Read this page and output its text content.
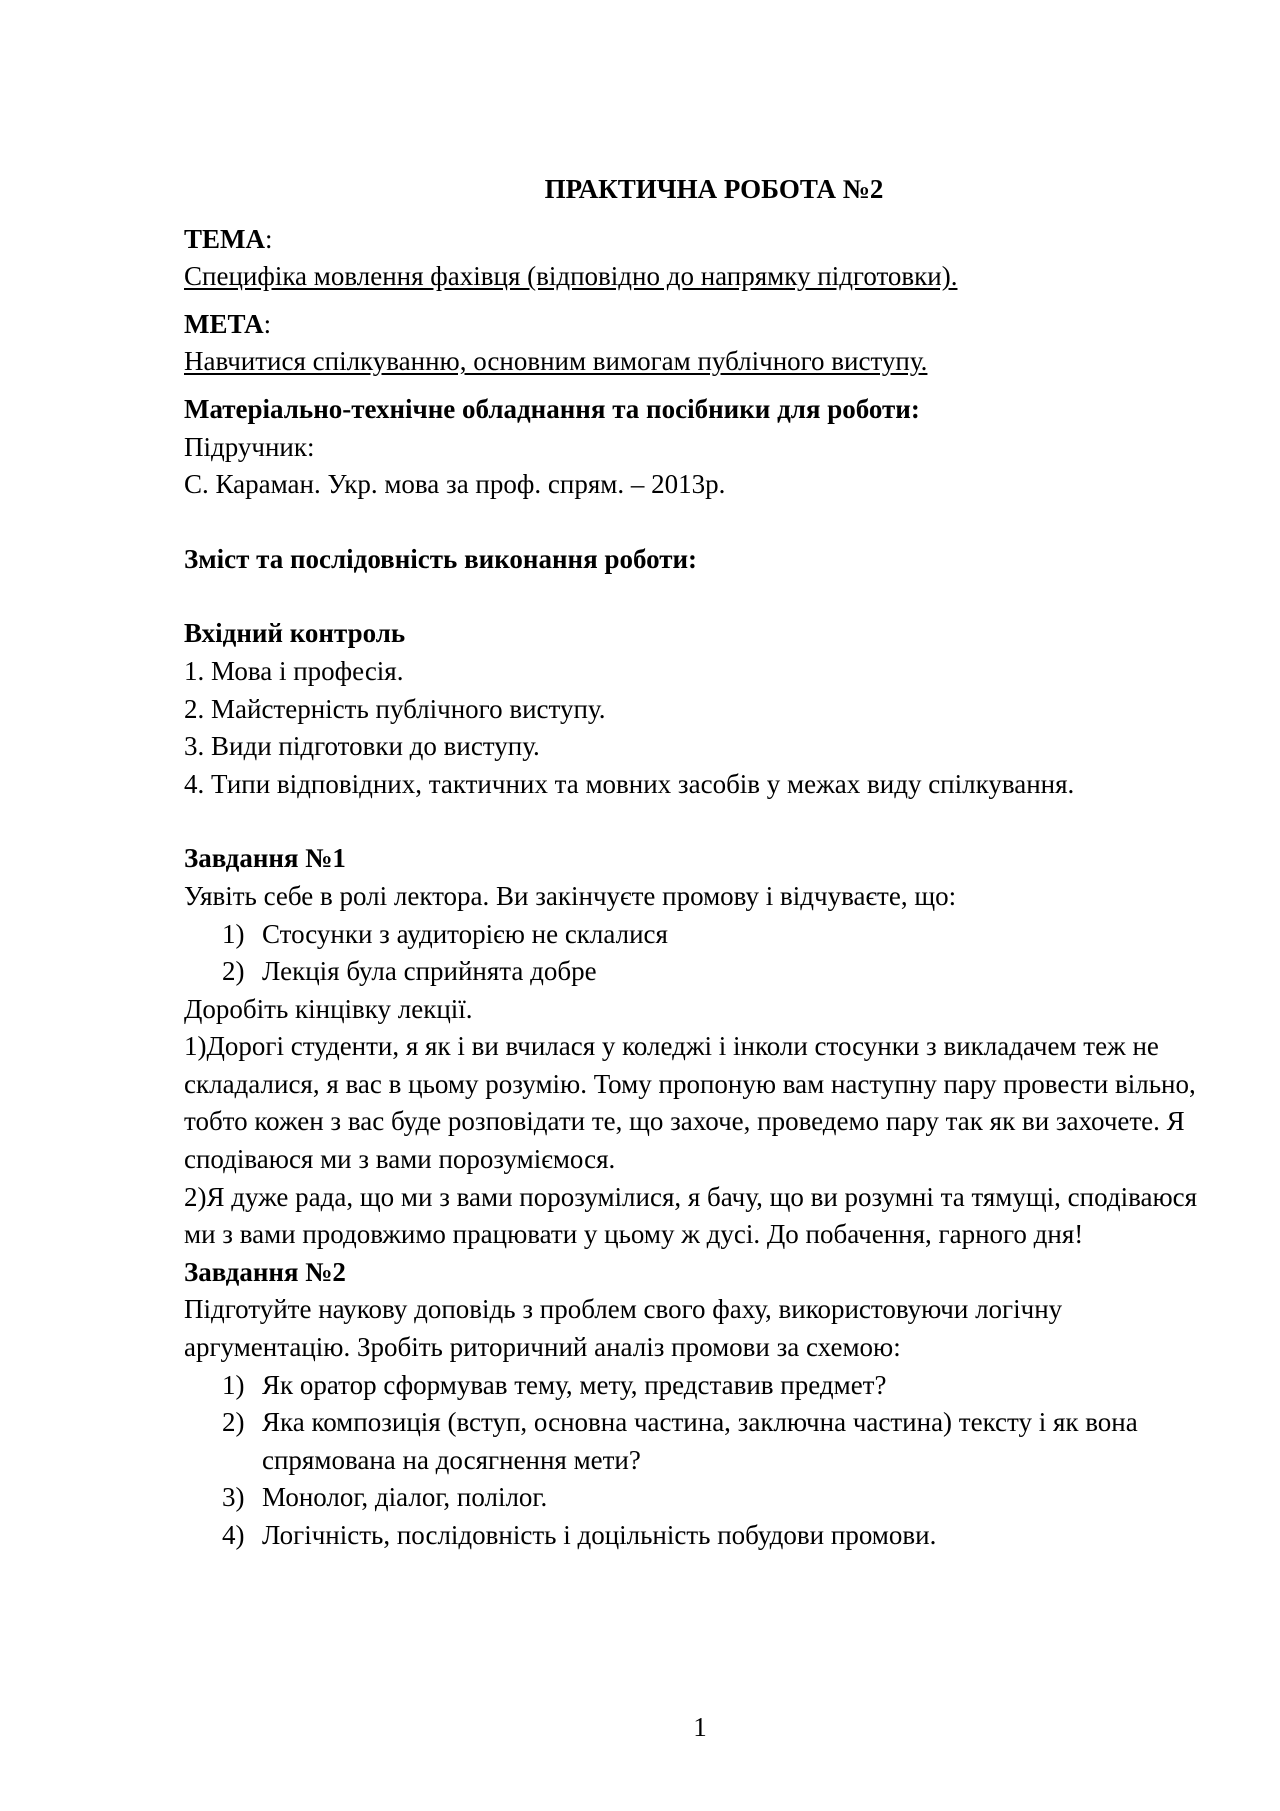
ПРАКТИЧНА РОБОТА №2
ТЕМА:
Специфіка мовлення фахівця (відповідно до напрямку підготовки).
МЕТА:
Навчитися спілкуванню, основним вимогам публічного виступу.
Матеріально-технічне обладнання та посібники для роботи:
Підручник:
С. Караман. Укр. мова за проф. спрям. – 2013р.
Зміст та послідовність виконання роботи:
Вхідний контроль
1. Мова і професія.
2. Майстерність публічного виступу.
3. Види підготовки до виступу.
4. Типи відповідних, тактичних та мовних засобів у межах виду спілкування.
Завдання №1
Уявіть себе в ролі лектора. Ви закінчуєте промову і відчуваєте, що:
1) Стосунки з аудиторією не склалися
2) Лекція була сприйнята добре
Доробіть кінцівку лекції.
1)Дорогі студенти, я як і ви вчилася у коледжі і інколи стосунки з викладачем теж не складалися, я вас в цьому розумію. Тому пропоную вам наступну пару провести вільно, тобто кожен з вас буде розповідати те, що захоче, проведемо пару так як ви захочете. Я сподіваюся ми з вами порозуміємося.
2)Я дуже рада, що ми з вами порозумілися, я бачу, що ви розумні та тямущі, сподіваюся ми з вами продовжимо працювати у цьому ж дусі. До побачення, гарного дня!
Завдання №2
Підготуйте наукову доповідь з проблем свого фаху, використовуючи логічну аргументацію. Зробіть риторичний аналіз промови за схемою:
1) Як оратор сформував тему, мету, представив предмет?
2) Яка композиція (вступ, основна частина, заключна частина) тексту і як вона спрямована на досягнення мети?
3) Монолог, діалог, полілог.
4) Логічність, послідовність і доцільність побудови промови.
1
